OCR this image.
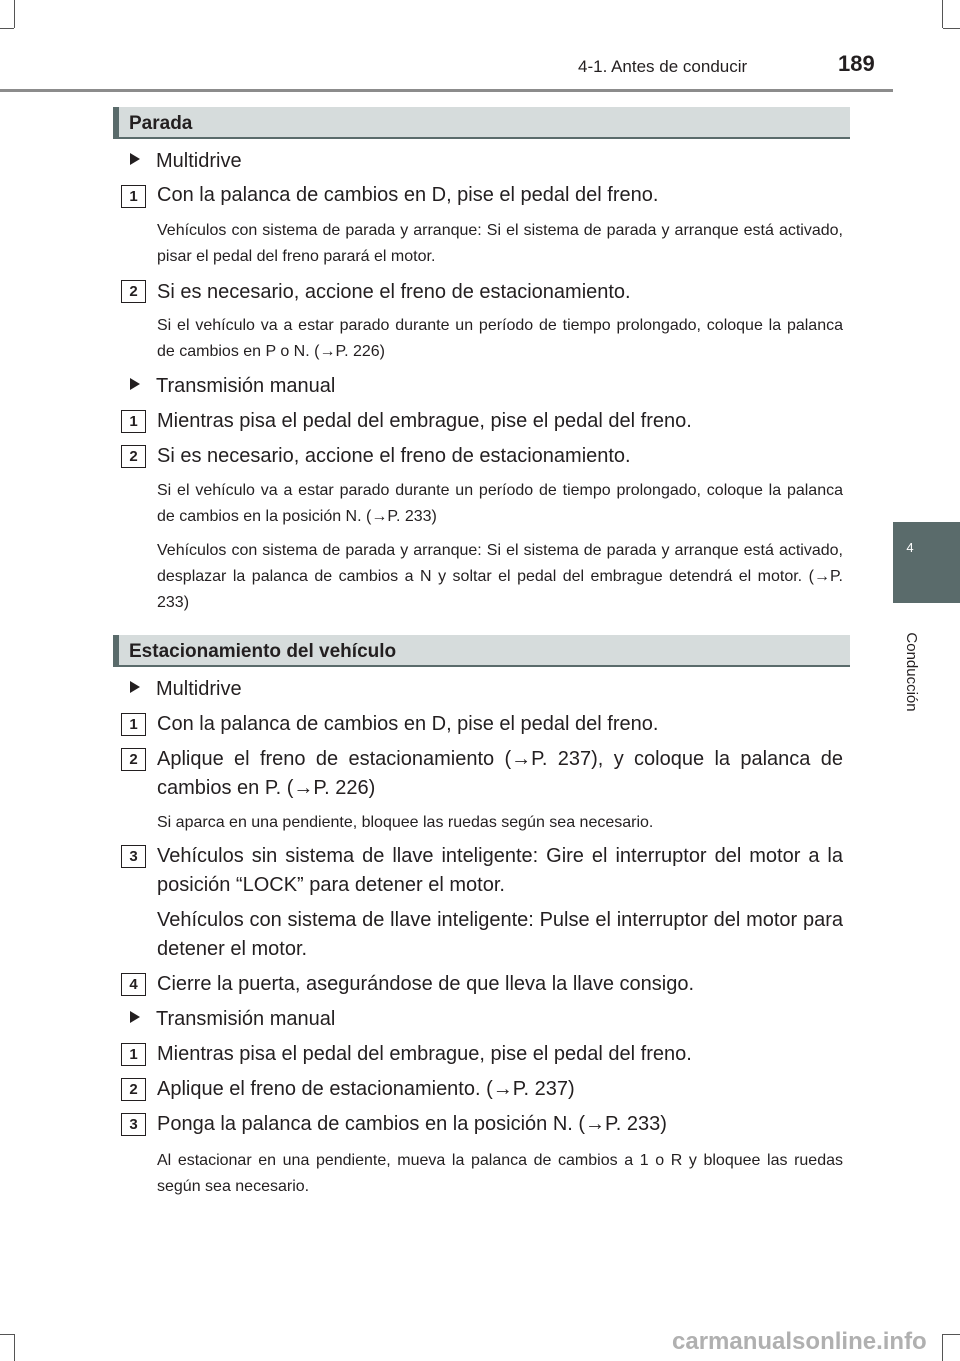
4-1. Antes de conducir	189
4
Conducción
Parada
Multidrive
1 Con la palanca de cambios en D, pise el pedal del freno.
Vehículos con sistema de parada y arranque: Si el sistema de parada y arranque está activado, pisar el pedal del freno parará el motor.
2 Si es necesario, accione el freno de estacionamiento.
Si el vehículo va a estar parado durante un período de tiempo prolongado, coloque la palanca de cambios en P o N. (→P. 226)
Transmisión manual
1 Mientras pisa el pedal del embrague, pise el pedal del freno.
2 Si es necesario, accione el freno de estacionamiento.
Si el vehículo va a estar parado durante un período de tiempo prolongado, coloque la palanca de cambios en la posición N. (→P. 233)
Vehículos con sistema de parada y arranque: Si el sistema de parada y arranque está activado, desplazar la palanca de cambios a N y soltar el pedal del embrague detendrá el motor. (→P. 233)
Estacionamiento del vehículo
Multidrive
1 Con la palanca de cambios en D, pise el pedal del freno.
2 Aplique el freno de estacionamiento (→P. 237), y coloque la palanca de cambios en P. (→P. 226)
Si aparca en una pendiente, bloquee las ruedas según sea necesario.
3 Vehículos sin sistema de llave inteligente: Gire el interruptor del motor a la posición “LOCK” para detener el motor.
Vehículos con sistema de llave inteligente: Pulse el interruptor del motor para detener el motor.
4 Cierre la puerta, asegurándose de que lleva la llave consigo.
Transmisión manual
1 Mientras pisa el pedal del embrague, pise el pedal del freno.
2 Aplique el freno de estacionamiento. (→P. 237)
3 Ponga la palanca de cambios en la posición N. (→P. 233)
Al estacionar en una pendiente, mueva la palanca de cambios a 1 o R y bloquee las ruedas según sea necesario.
carmanualsonline.info
